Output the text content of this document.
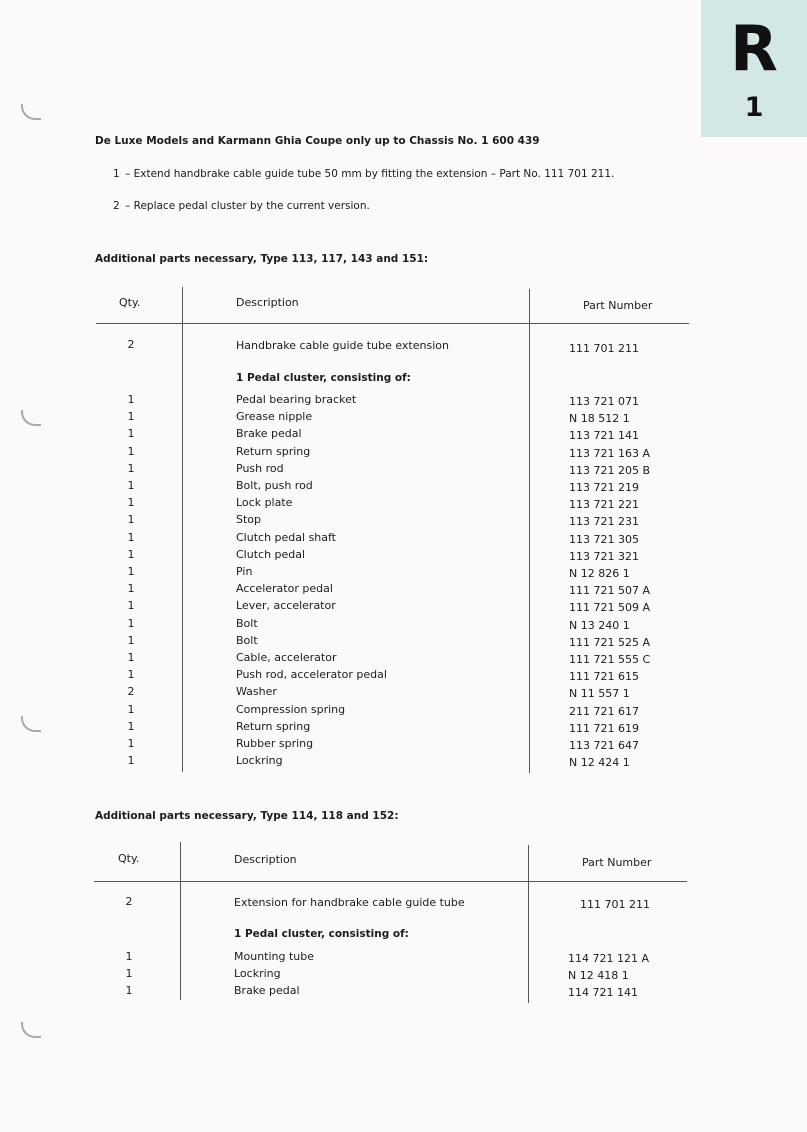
R
1
De Luxe Models and Karmann Ghia Coupe only up to Chassis No. 1 600 439
1 – Extend handbrake cable guide tube 50 mm by fitting the extension – Part No. 111 701 211.
2 – Replace pedal cluster by the current version.
Additional parts necessary, Type 113, 117, 143 and 151:
Qty.	Description	Part Number
2	Handbrake cable guide tube extension	111 701 211
1 Pedal cluster, consisting of:
1	Pedal bearing bracket	113 721 071
1	Grease nipple	N 18 512 1
1	Brake pedal	113 721 141
1	Return spring	113 721 163 A
1	Push rod	113 721 205 B
1	Bolt, push rod	113 721 219
1	Lock plate	113 721 221
1	Stop	113 721 231
1	Clutch pedal shaft	113 721 305
1	Clutch pedal	113 721 321
1	Pin	N 12 826 1
1	Accelerator pedal	111 721 507 A
1	Lever, accelerator	111 721 509 A
1	Bolt	N 13 240 1
1	Bolt	111 721 525 A
1	Cable, accelerator	111 721 555 C
1	Push rod, accelerator pedal	111 721 615
2	Washer	N 11 557 1
1	Compression spring	211 721 617
1	Return spring	111 721 619
1	Rubber spring	113 721 647
1	Lockring	N 12 424 1
Additional parts necessary, Type 114, 118 and 152:
Qty.	Description	Part Number
2	Extension for handbrake cable guide tube	111 701 211
1 Pedal cluster, consisting of:
1	Mounting tube	114 721 121 A
1	Lockring	N 12 418 1
1	Brake pedal	114 721 141
